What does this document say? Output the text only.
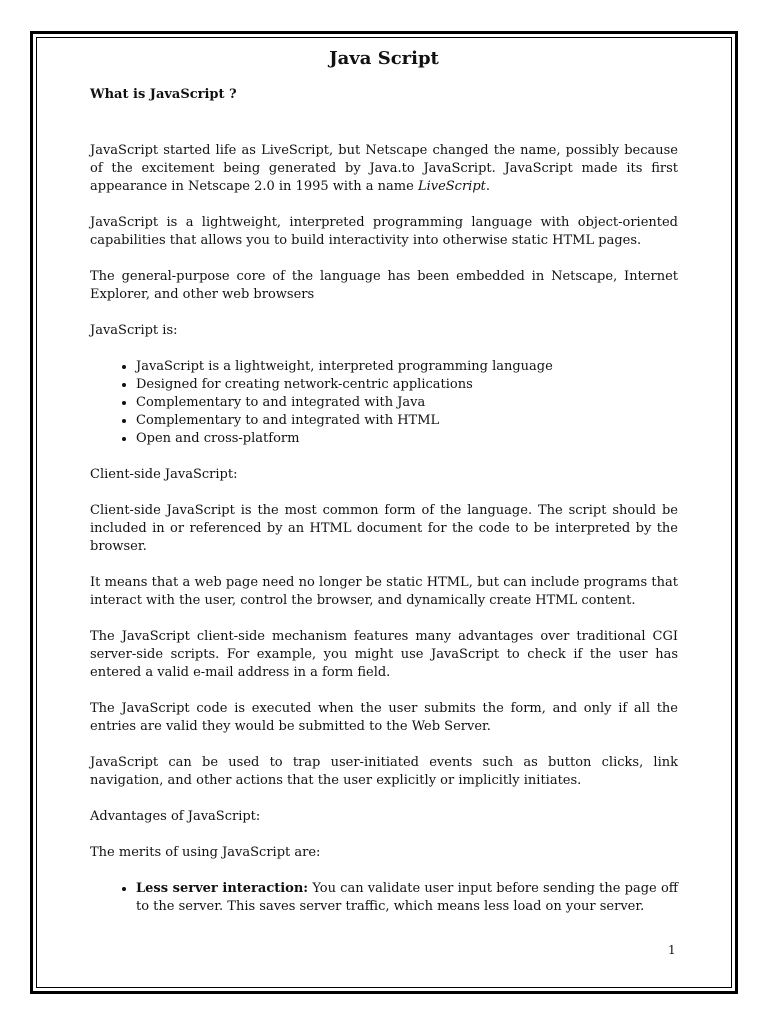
Java Script
What is JavaScript ?

JavaScript started life as LiveScript, but Netscape changed the name, possibly because of the excitement being generated by Java.to JavaScript. JavaScript made its first appearance in Netscape 2.0 in 1995 with a name LiveScript.

JavaScript is a lightweight, interpreted programming language with object-oriented capabilities that allows you to build interactivity into otherwise static HTML pages.

The general-purpose core of the language has been embedded in Netscape, Internet Explorer, and other web browsers

JavaScript is:

• JavaScript is a lightweight, interpreted programming language
• Designed for creating network-centric applications
• Complementary to and integrated with Java
• Complementary to and integrated with HTML
• Open and cross-platform

Client-side JavaScript:

Client-side JavaScript is the most common form of the language. The script should be included in or referenced by an HTML document for the code to be interpreted by the browser.

It means that a web page need no longer be static HTML, but can include programs that interact with the user, control the browser, and dynamically create HTML content.

The JavaScript client-side mechanism features many advantages over traditional CGI server-side scripts. For example, you might use JavaScript to check if the user has entered a valid e-mail address in a form field.

The JavaScript code is executed when the user submits the form, and only if all the entries are valid they would be submitted to the Web Server.

JavaScript can be used to trap user-initiated events such as button clicks, link navigation, and other actions that the user explicitly or implicitly initiates.

Advantages of JavaScript:

The merits of using JavaScript are:

• Less server interaction: You can validate user input before sending the page off to the server. This saves server traffic, which means less load on your server.
1
